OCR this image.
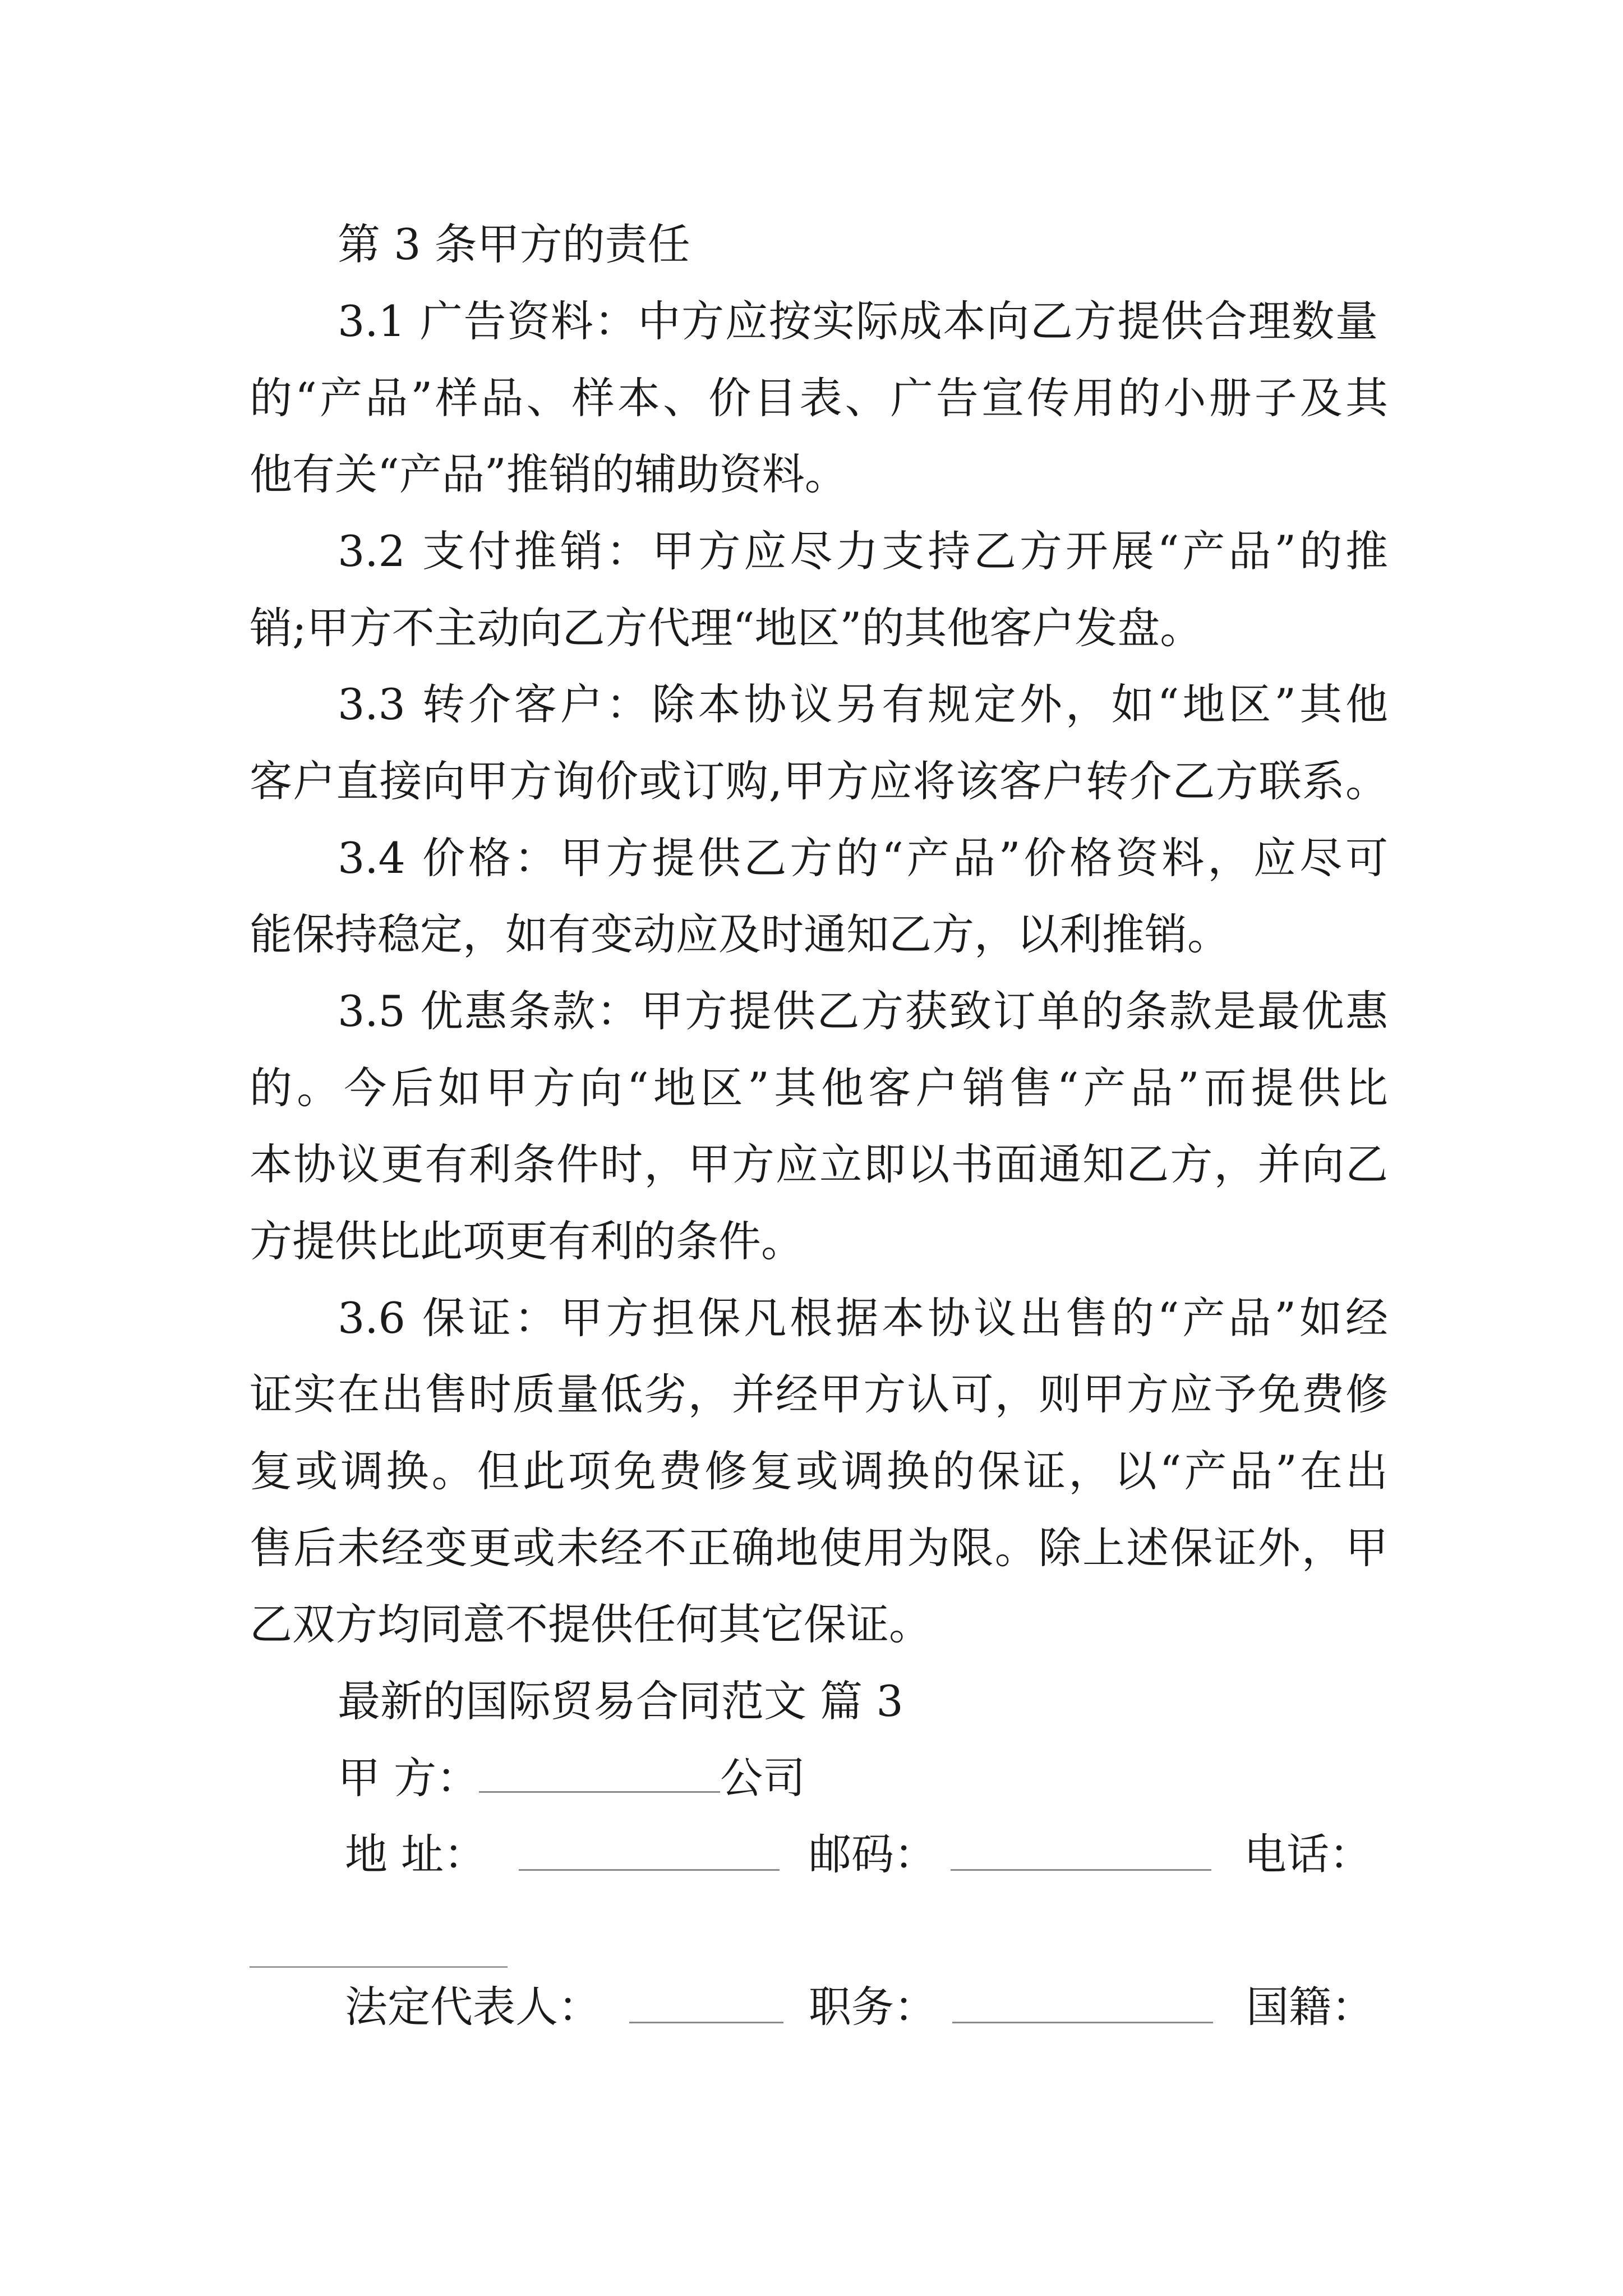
第 3 条甲方的责任
3.1 广告资料：中方应按实际成本向乙方提供合理数量
的“产品”样品、样本、价目表、广告宣传用的小册子及其
他有关“产品”推销的辅助资料。
3.2 支付推销：甲方应尽力支持乙方开展“产品”的推
销;甲方不主动向乙方代理“地区”的其他客户发盘。
3.3 转介客户：除本协议另有规定外，如“地区”其他
客户直接向甲方询价或订购,甲方应将该客户转介乙方联系。
3.4 价格：甲方提供乙方的“产品”价格资料，应尽可
能保持稳定，如有变动应及时通知乙方，以利推销。
3.5 优惠条款：甲方提供乙方获致订单的条款是最优惠
的。今后如甲方向“地区”其他客户销售“产品”而提供比
本协议更有利条件时，甲方应立即以书面通知乙方，并向乙
方提供比此项更有利的条件。
3.6 保证：甲方担保凡根据本协议出售的“产品”如经
证实在出售时质量低劣，并经甲方认可，则甲方应予免费修
复或调换。但此项免费修复或调换的保证，以“产品”在出
售后未经变更或未经不正确地使用为限。除上述保证外，甲
乙双方均同意不提供任何其它保证。
最新的国际贸易合同范文 篇 3
甲 方：	公司
地 址：	邮码：	电话：
法定代表人：	职务：	国籍：
